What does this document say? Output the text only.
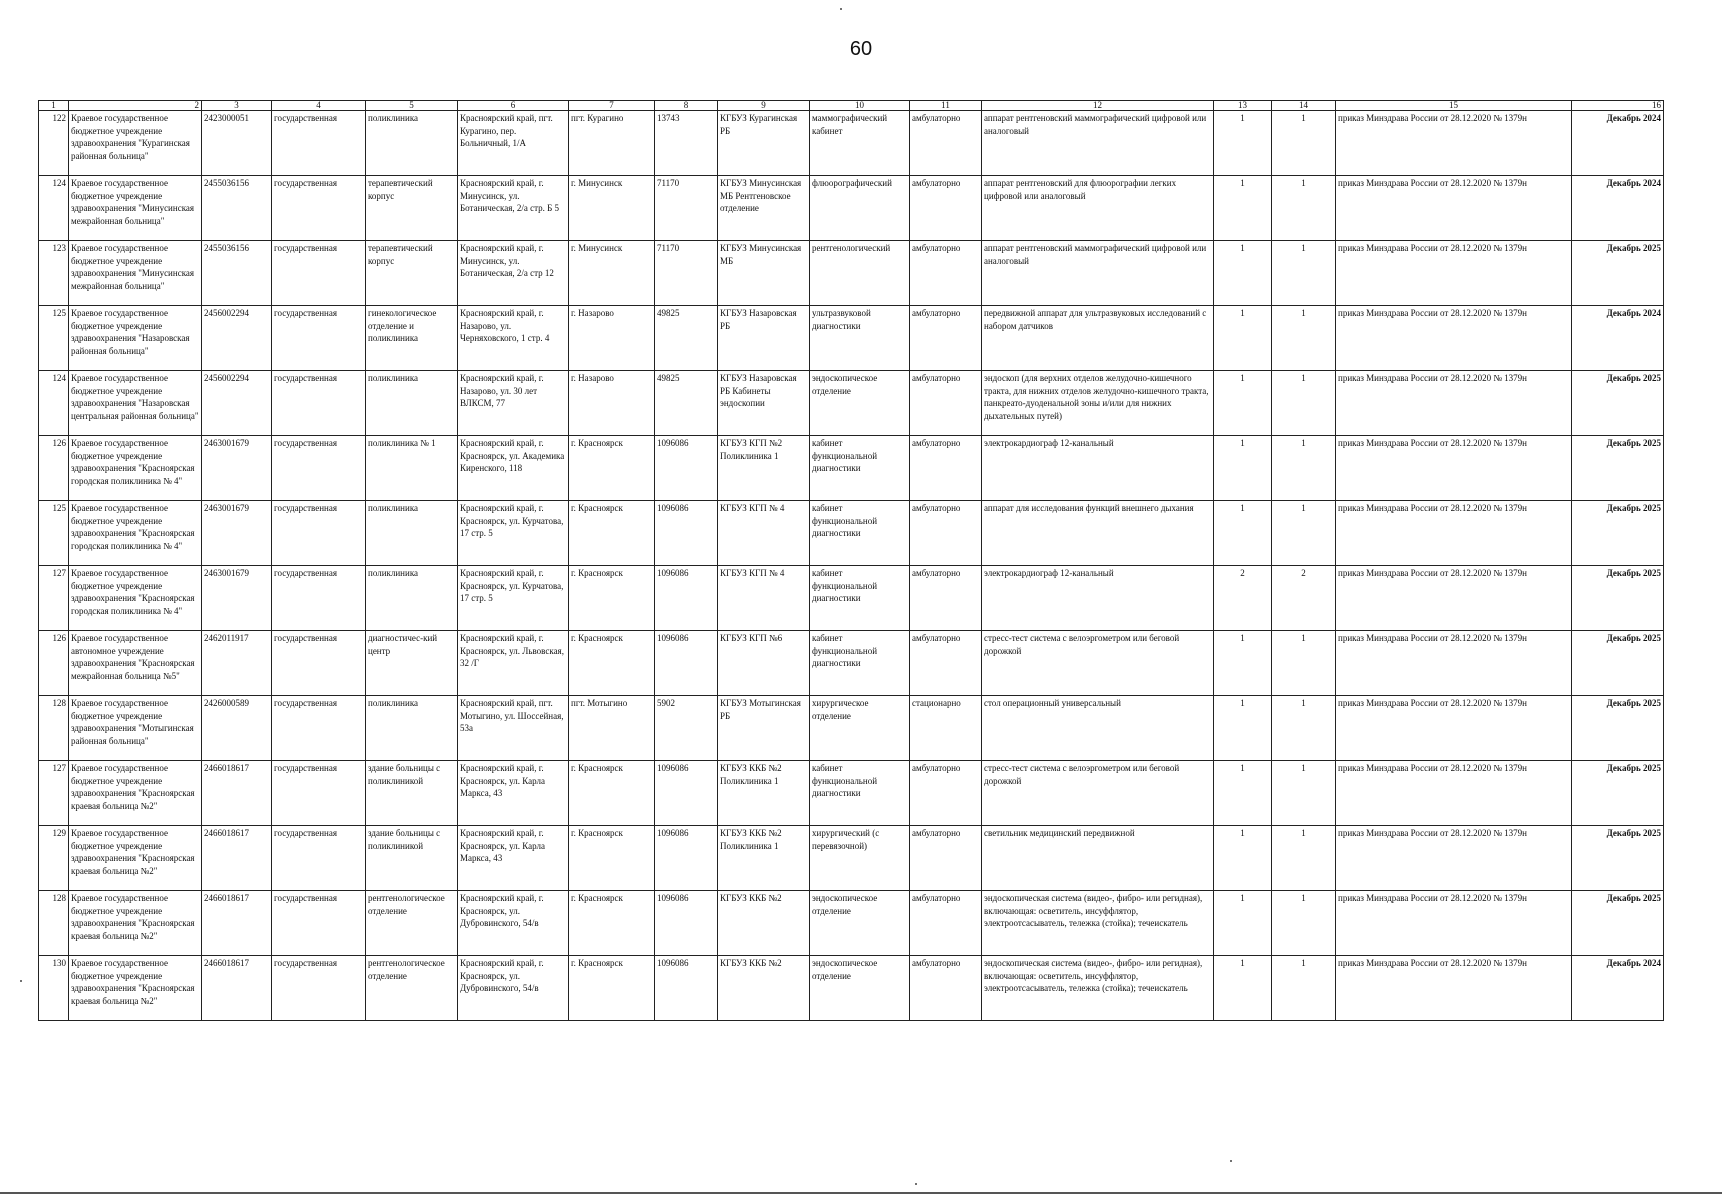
60
1	2	3	4	5	6	7	8	9	10	11	12	13	14	15	16
122	Краевое государственное бюджетное учреждение здравоохранения "Курагинская районная больница"	2423000051	государственная	поликлиника	Красноярский край, пгт. Курагино, пер. Больничный, 1/А	пгт. Курагино	13743	КГБУЗ Курагинская РБ	маммографический кабинет	амбулаторно	аппарат рентгеновский маммографический цифровой или аналоговый	1	1	приказ Минздрава России от 28.12.2020 № 1379н	Декабрь 2024
124	Краевое государственное бюджетное учреждение здравоохранения "Минусинская межрайонная больница"	2455036156	государственная	терапевтический корпус	Красноярский край, г. Минусинск, ул. Ботаническая, 2/а стр. Б 5	г. Минусинск	71170	КГБУЗ Минусинская МБ Рентгеновское отделение	флюорографический	амбулаторно	аппарат рентгеновский для флюорографии легких цифровой или аналоговый	1	1	приказ Минздрава России от 28.12.2020 № 1379н	Декабрь 2024
123	Краевое государственное бюджетное учреждение здравоохранения "Минусинская межрайонная больница"	2455036156	государственная	терапевтический корпус	Красноярский край, г. Минусинск, ул. Ботаническая, 2/а стр 12	г. Минусинск	71170	КГБУЗ Минусинская МБ	рентгенологический	амбулаторно	аппарат рентгеновский маммографический цифровой или аналоговый	1	1	приказ Минздрава России от 28.12.2020 № 1379н	Декабрь 2025
125	Краевое государственное бюджетное учреждение здравоохранения "Назаровская районная больница"	2456002294	государственная	гинекологическое отделение и поликлиника	Красноярский край, г. Назарово, ул. Черняховского, 1 стр. 4	г. Назарово	49825	КГБУЗ Назаровская РБ	ультразвуковой диагностики	амбулаторно	передвижной аппарат для ультразвуковых исследований с набором датчиков	1	1	приказ Минздрава России от 28.12.2020 № 1379н	Декабрь 2024
124	Краевое государственное бюджетное учреждение здравоохранения "Назаровская центральная районная больница"	2456002294	государственная	поликлиника	Красноярский край, г. Назарово, ул. 30 лет ВЛКСМ, 77	г. Назарово	49825	КГБУЗ Назаровская РБ Кабинеты эндоскопии	эндоскопическое отделение	амбулаторно	эндоскоп (для верхних отделов желудочно-кишечного тракта, для нижних отделов желудочно-кишечного тракта, панкреато-дуоденальной зоны и/или для нижних дыхательных путей)	1	1	приказ Минздрава России от 28.12.2020 № 1379н	Декабрь 2025
126	Краевое государственное бюджетное учреждение здравоохранения "Красноярская городская поликлиника № 4"	2463001679	государственная	поликлиника № 1	Красноярский край, г. Красноярск, ул. Академика Киренского, 118	г. Красноярск	1096086	КГБУЗ КГП №2 Поликлиника 1	кабинет функциональной диагностики	амбулаторно	электрокардиограф 12-канальный	1	1	приказ Минздрава России от 28.12.2020 № 1379н	Декабрь 2025
125	Краевое государственное бюджетное учреждение здравоохранения "Красноярская городская поликлиника № 4"	2463001679	государственная	поликлиника	Красноярский край, г. Красноярск, ул. Курчатова, 17 стр. 5	г. Красноярск	1096086	КГБУЗ КГП № 4	кабинет функциональной диагностики	амбулаторно	аппарат для исследования функций внешнего дыхания	1	1	приказ Минздрава России от 28.12.2020 № 1379н	Декабрь 2025
127	Краевое государственное бюджетное учреждение здравоохранения "Красноярская городская поликлиника № 4"	2463001679	государственная	поликлиника	Красноярский край, г. Красноярск, ул. Курчатова, 17 стр. 5	г. Красноярск	1096086	КГБУЗ КГП № 4	кабинет функциональной диагностики	амбулаторно	электрокардиограф 12-канальный	2	2	приказ Минздрава России от 28.12.2020 № 1379н	Декабрь 2025
126	Краевое государственное автономное учреждение здравоохранения "Красноярская межрайонная больница №5"	2462011917	государственная	диагностичес-кий центр	Красноярский край, г. Красноярск, ул. Львовская, 32 /Г	г. Красноярск	1096086	КГБУЗ КГП №6	кабинет функциональной диагностики	амбулаторно	стресс-тест система с велоэргометром или беговой дорожкой	1	1	приказ Минздрава России от 28.12.2020 № 1379н	Декабрь 2025
128	Краевое государственное бюджетное учреждение здравоохранения "Мотыгинская районная больница"	2426000589	государственная	поликлиника	Красноярский край, пгт. Мотыгино, ул. Шоссейная, 53а	пгт. Мотыгино	5902	КГБУЗ Мотыгинская РБ	хирургическое отделение	стационарно	стол операционный универсальный	1	1	приказ Минздрава России от 28.12.2020 № 1379н	Декабрь 2025
127	Краевое государственное бюджетное учреждение здравоохранения "Красноярская краевая больница №2"	2466018617	государственная	здание больницы с поликлиникой	Красноярский край, г. Красноярск, ул. Карла Маркса, 43	г. Красноярск	1096086	КГБУЗ ККБ №2 Поликлиника 1	кабинет функциональной диагностики	амбулаторно	стресс-тест система с велоэргометром или беговой дорожкой	1	1	приказ Минздрава России от 28.12.2020 № 1379н	Декабрь 2025
129	Краевое государственное бюджетное учреждение здравоохранения "Красноярская краевая больница №2"	2466018617	государственная	здание больницы с поликлиникой	Красноярский край, г. Красноярск, ул. Карла Маркса, 43	г. Красноярск	1096086	КГБУЗ ККБ №2 Поликлиника 1	хирургический (с перевязочной)	амбулаторно	светильник медицинский передвижной	1	1	приказ Минздрава России от 28.12.2020 № 1379н	Декабрь 2025
128	Краевое государственное бюджетное учреждение здравоохранения "Красноярская краевая больница №2"	2466018617	государственная	рентгенологическое отделение	Красноярский край, г. Красноярск, ул. Дубровинского, 54/в	г. Красноярск	1096086	КГБУЗ ККБ №2	эндоскопическое отделение	амбулаторно	эндоскопическая система (видео-, фибро- или регидная), включающая: осветитель, инсуффлятор, электроотсасыватель, тележка (стойка); течеискатель	1	1	приказ Минздрава России от 28.12.2020 № 1379н	Декабрь 2025
130	Краевое государственное бюджетное учреждение здравоохранения "Красноярская краевая больница №2"	2466018617	государственная	рентгенологическое отделение	Красноярский край, г. Красноярск, ул. Дубровинского, 54/в	г. Красноярск	1096086	КГБУЗ ККБ №2	эндоскопическое отделение	амбулаторно	эндоскопическая система (видео-, фибро- или регидная), включающая: осветитель, инсуффлятор, электроотсасыватель, тележка (стойка); течеискатель	1	1	приказ Минздрава России от 28.12.2020 № 1379н	Декабрь 2024
